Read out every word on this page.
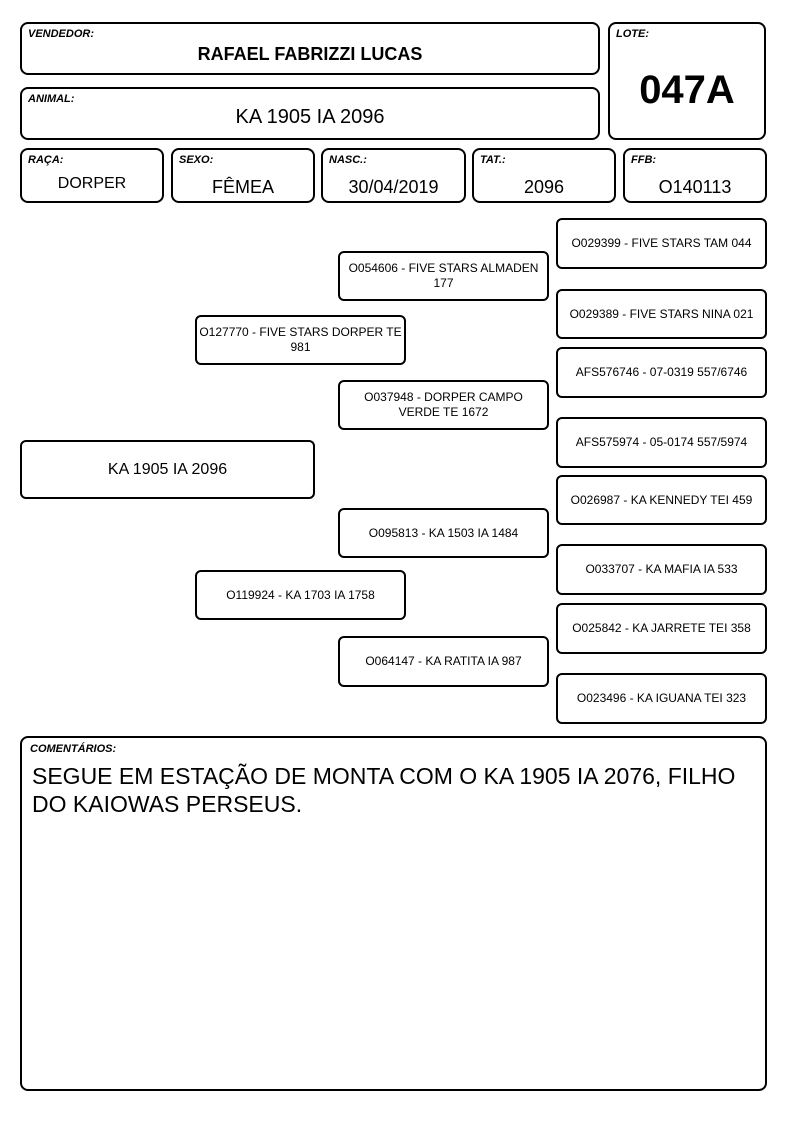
VENDEDOR:
RAFAEL FABRIZZI LUCAS
LOTE:
047A
ANIMAL:
KA 1905 IA 2096
RAÇA:
DORPER
SEXO:
FÊMEA
NASC.:
30/04/2019
TAT.:
2096
FFB:
O140113
KA 1905 IA 2096
O127770 - FIVE STARS DORPER TE 981
O119924 - KA 1703 IA 1758
O054606 - FIVE STARS ALMADEN 177
O037948 - DORPER CAMPO VERDE TE 1672
O095813 - KA 1503 IA 1484
O064147 - KA RATITA IA 987
O029399 - FIVE STARS TAM 044
O029389 - FIVE STARS NINA 021
AFS576746 - 07-0319 557/6746
AFS575974 - 05-0174 557/5974
O026987 - KA KENNEDY TEI 459
O033707 - KA MAFIA IA 533
O025842 - KA JARRETE TEI 358
O023496 - KA IGUANA TEI 323
COMENTÁRIOS:
SEGUE EM ESTAÇÃO DE MONTA COM O KA 1905 IA 2076, FILHO DO KAIOWAS PERSEUS.
